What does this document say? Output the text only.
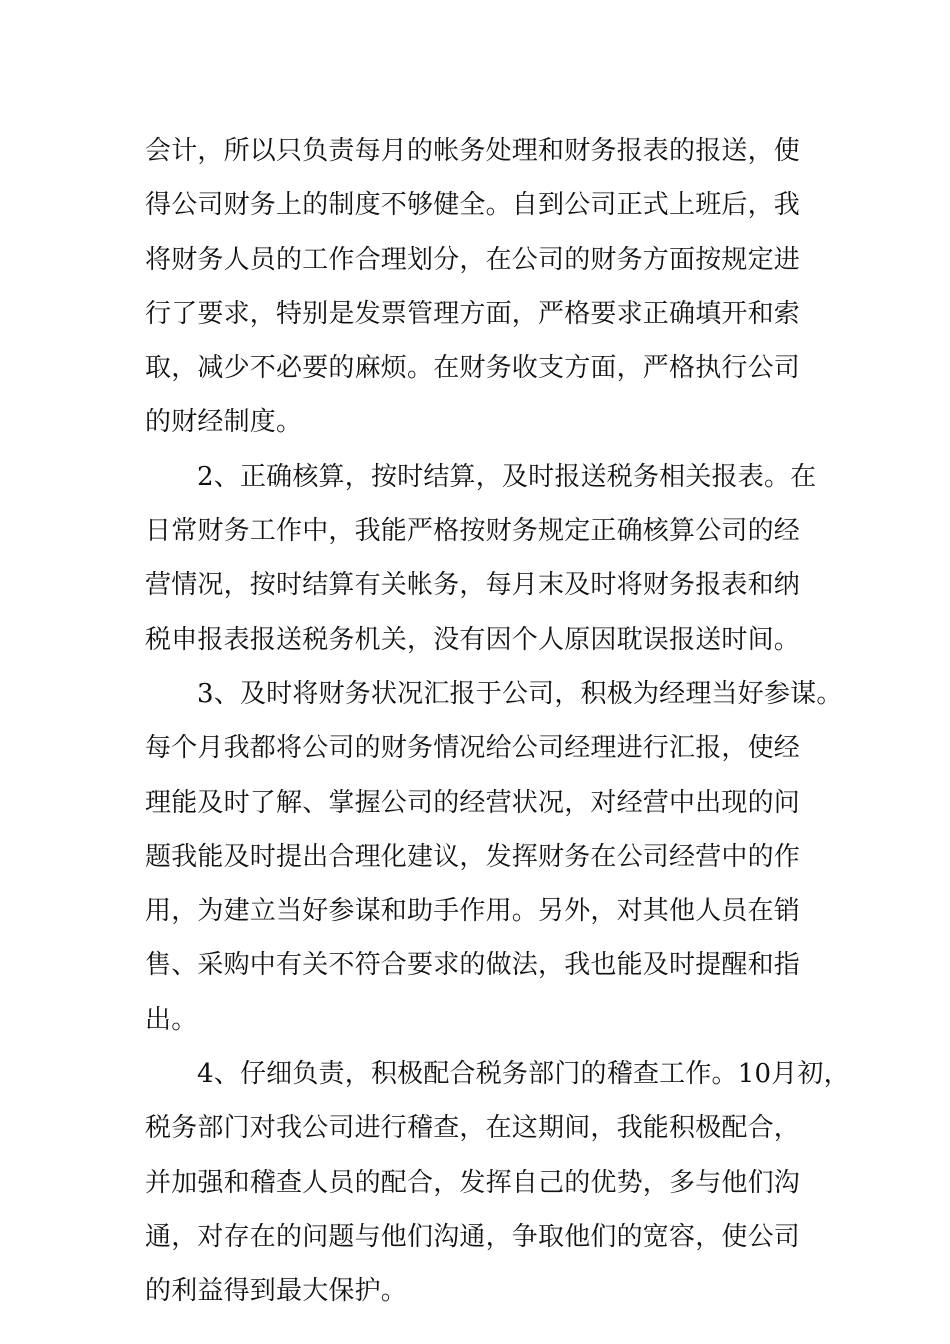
会计，所以只负责每月的帐务处理和财务报表的报送，使
得公司财务上的制度不够健全。自到公司正式上班后，我
将财务人员的工作合理划分，在公司的财务方面按规定进
行了要求，特别是发票管理方面，严格要求正确填开和索
取，减少不必要的麻烦。在财务收支方面，严格执行公司
的财经制度。
2、正确核算，按时结算，及时报送税务相关报表。在
日常财务工作中，我能严格按财务规定正确核算公司的经
营情况，按时结算有关帐务，每月末及时将财务报表和纳
税申报表报送税务机关，没有因个人原因耽误报送时间。
3、及时将财务状况汇报于公司，积极为经理当好参谋。
每个月我都将公司的财务情况给公司经理进行汇报，使经
理能及时了解、掌握公司的经营状况，对经营中出现的问
题我能及时提出合理化建议，发挥财务在公司经营中的作
用，为建立当好参谋和助手作用。另外，对其他人员在销
售、采购中有关不符合要求的做法，我也能及时提醒和指
出。
4、仔细负责，积极配合税务部门的稽查工作。10月初，
税务部门对我公司进行稽查，在这期间，我能积极配合，
并加强和稽查人员的配合，发挥自己的优势，多与他们沟
通，对存在的问题与他们沟通，争取他们的宽容，使公司
的利益得到最大保护。
